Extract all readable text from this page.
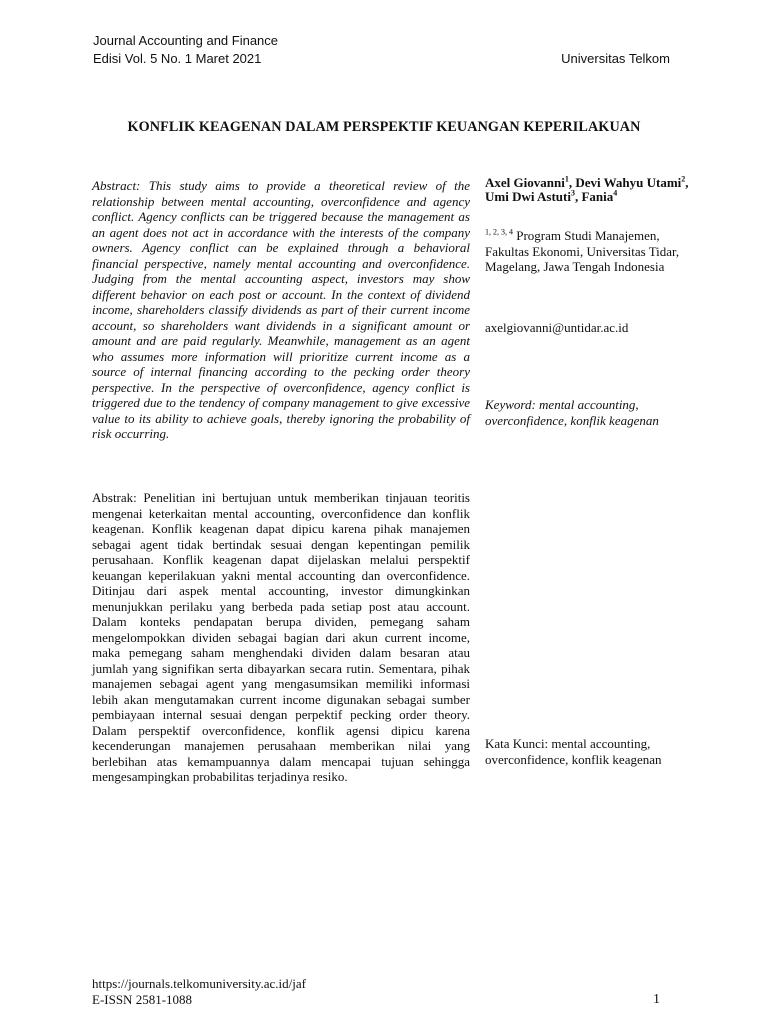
Journal Accounting and Finance
Edisi Vol. 5 No. 1 Maret 2021	Universitas Telkom
KONFLIK KEAGENAN DALAM PERSPEKTIF KEUANGAN KEPERILAKUAN
Abstract: This study aims to provide a theoretical review of the relationship between mental accounting, overconfidence and agency conflict. Agency conflicts can be triggered because the management as an agent does not act in accordance with the interests of the company owners. Agency conflict can be explained through a behavioral financial perspective, namely mental accounting and overconfidence. Judging from the mental accounting aspect, investors may show different behavior on each post or account. In the context of dividend income, shareholders classify dividends as part of their current income account, so shareholders want dividends in a significant amount or amount and are paid regularly. Meanwhile, management as an agent who assumes more information will prioritize current income as a source of internal financing according to the pecking order theory perspective. In the perspective of overconfidence, agency conflict is triggered due to the tendency of company management to give excessive value to its ability to achieve goals, thereby ignoring the probability of risk occurring.
Abstrak: Penelitian ini bertujuan untuk memberikan tinjauan teoritis mengenai keterkaitan mental accounting, overconfidence dan konflik keagenan. Konflik keagenan dapat dipicu karena pihak manajemen sebagai agent tidak bertindak sesuai dengan kepentingan pemilik perusahaan. Konflik keagenan dapat dijelaskan melalui perspektif keuangan keperilakuan yakni mental accounting dan overconfidence. Ditinjau dari aspek mental accounting, investor dimungkinkan menunjukkan perilaku yang berbeda pada setiap post atau account. Dalam konteks pendapatan berupa dividen, pemegang saham mengelompokkan dividen sebagai bagian dari akun current income, maka pemegang saham menghendaki dividen dalam besaran atau jumlah yang signifikan serta dibayarkan secara rutin. Sementara, pihak manajemen sebagai agent yang mengasumsikan memiliki informasi lebih akan mengutamakan current income digunakan sebagai sumber pembiayaan internal sesuai dengan perpektif pecking order theory. Dalam perspektif overconfidence, konflik agensi dipicu karena kecenderungan manajemen perusahaan memberikan nilai yang berlebihan atas kemampuannya dalam mencapai tujuan sehingga mengesampingkan probabilitas terjadinya resiko.
Axel Giovanni$^1$, Devi Wahyu Utami$^2$, Umi Dwi Astuti$^3$, Fania$^4$
$^{1, 2, 3, 4}$ Program Studi Manajemen, Fakultas Ekonomi, Universitas Tidar, Magelang, Jawa Tengah Indonesia
axelgiovanni@untidar.ac.id
Keyword: mental accounting, overconfidence, konflik keagenan
Kata Kunci: mental accounting, overconfidence, konflik keagenan
https://journals.telkomuniversity.ac.id/jaf
E-ISSN 2581-1088	1
